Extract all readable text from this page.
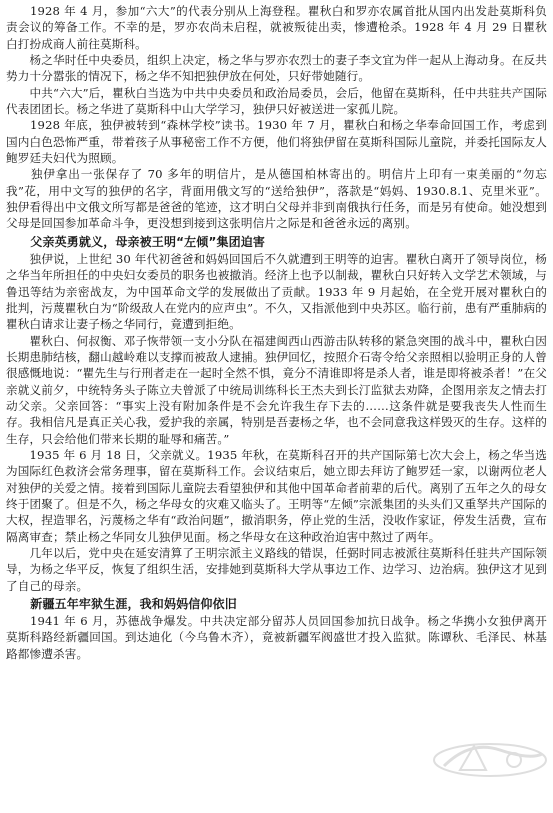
　　1928 年 4 月，参加“六大”的代表分别从上海登程。瞿秋白和罗亦农属首批从国内出发赴莫斯科负责会议的筹备工作。不幸的是，罗亦农尚未启程，就被叛徒出卖，惨遭枪杀。1928 年 4 月 29 日瞿秋白打扮成商人前往莫斯科。

　　杨之华时任中央委员，组织上决定，杨之华与罗亦农烈士的妻子李文宜为伴一起从上海动身。在反共势力十分嚣张的情况下，杨之华不知把独伊放在何处，只好带她随行。

　　中共“六大”后，瞿秋白当选为中共中央委员和政治局委员，会后，他留在莫斯科，任中共驻共产国际代表团团长。杨之华进了莫斯科中山大学学习，独伊只好被送进一家孤儿院。

　　1928 年底，独伊被转到“森林学校”读书。1930 年 7 月，瞿秋白和杨之华奉命回国工作，考虑到国内白色恐怖严重，带着孩子从事秘密工作不方便，他们将独伊留在莫斯科国际儿童院，并委托国际友人鲍罗廷夫妇代为照顾。

　　独伊拿出一张保存了 70 多年的明信片，是从德国柏林寄出的。明信片上印有一束美丽的“勿忘我”花，用中文写的独伊的名字，背面用俄文写的“送给独伊”，落款是“妈妈、1930.8.1、克里米亚”。独伊看得出中文俄文所写都是爸爸的笔迹，这才明白父母并非到南俄执行任务，而是另有使命。她没想到父母是回国参加革命斗争，更没想到接到这张明信片之际是和爸爸永远的离别。

　　父亲英勇就义，母亲被王明“左倾”集团迫害

　　独伊说，上世纪 30 年代初爸爸和妈妈回国后不久就遭到王明等的迫害。瞿秋白离开了领导岗位，杨之华当年所担任的中央妇女委员的职务也被撤消。经济上也予以制裁，瞿秋白只好转入文学艺术领域，与鲁迅等结为亲密战友，为中国革命文学的发展做出了贡献。1933 年 9 月起始，在全党开展对瞿秋白的批判，污蔑瞿秋白为“阶级敌人在党内的应声虫”。不久，又指派他到中央苏区。临行前，患有严重肺病的瞿秋白请求让妻子杨之华同行，竟遭到拒绝。

　　瞿秋白、何叔衡、邓子恢带领一支小分队在福建闽西山西游击队转移的紧急突围的战斗中，瞿秋白因长期患肺结核，翻山越岭难以支撑而被敌人逮捕。独伊回忆，按照介石寄令给父亲照相以验明正身的人曾很感慨地说：“瞿先生与行刑者走在一起时全然不惧，竟分不清谁即将是杀人者，谁是即将被杀者！”在父亲就义前夕，中统特务头子陈立夫曾派了中统局训练科长王杰夫到长汀监狱去劝降，企图用亲友之情去打动父亲。父亲回答：“事实上没有附加条件是不会允许我生存下去的……这条件就是要我丧失人性而生存。我相信凡是真正关心我，爱护我的亲属，特别是吾妻杨之华，也不会同意我这样毁灭的生存。这样的生存，只会给他们带来长期的耻辱和痛苦。”

　　1935 年 6 月 18 日，父亲就义。1935 年秋，在莫斯科召开的共产国际第七次大会上，杨之华当选为国际红色救济会常务理事，留在莫斯科工作。会议结束后，她立即去拜访了鲍罗廷一家，以谢两位老人对独伊的关爱之情。接着到国际儿童院去看望独伊和其他中国革命者前辈的后代。离别了五年之久的母女终于团聚了。但是不久，杨之华母女的灾难又临头了。王明等“左倾”宗派集团的头头们又重孥共产国际的大权，捏造罪名，污蔑杨之华有“政治问题”，撤消职务，停止党的生活，没收作家证，停发生活费，宣布隔离审查；禁止杨之华同女儿独伊见面。杨之华母女在这种政治迫害中熬过了两年。

　　几年以后，党中央在延安清算了王明宗派主义路线的错误，任弼时同志被派往莫斯科任驻共产国际领导，为杨之华平反，恢复了组织生活，安排她到莫斯科大学从事边工作、边学习、边治病。独伊这才见到了自己的母亲。

　　新疆五年牢狱生涯，我和妈妈信仰依旧

　　1941 年 6 月，苏德战争爆发。中共决定部分留苏人员回国参加抗日战争。杨之华携小女独伊离开莫斯科路经新疆回国。到达迪化（今乌鲁木齐），竟被新疆军阀盛世才投入监狱。陈谭秋、毛泽民、林基路都惨遭杀害。
